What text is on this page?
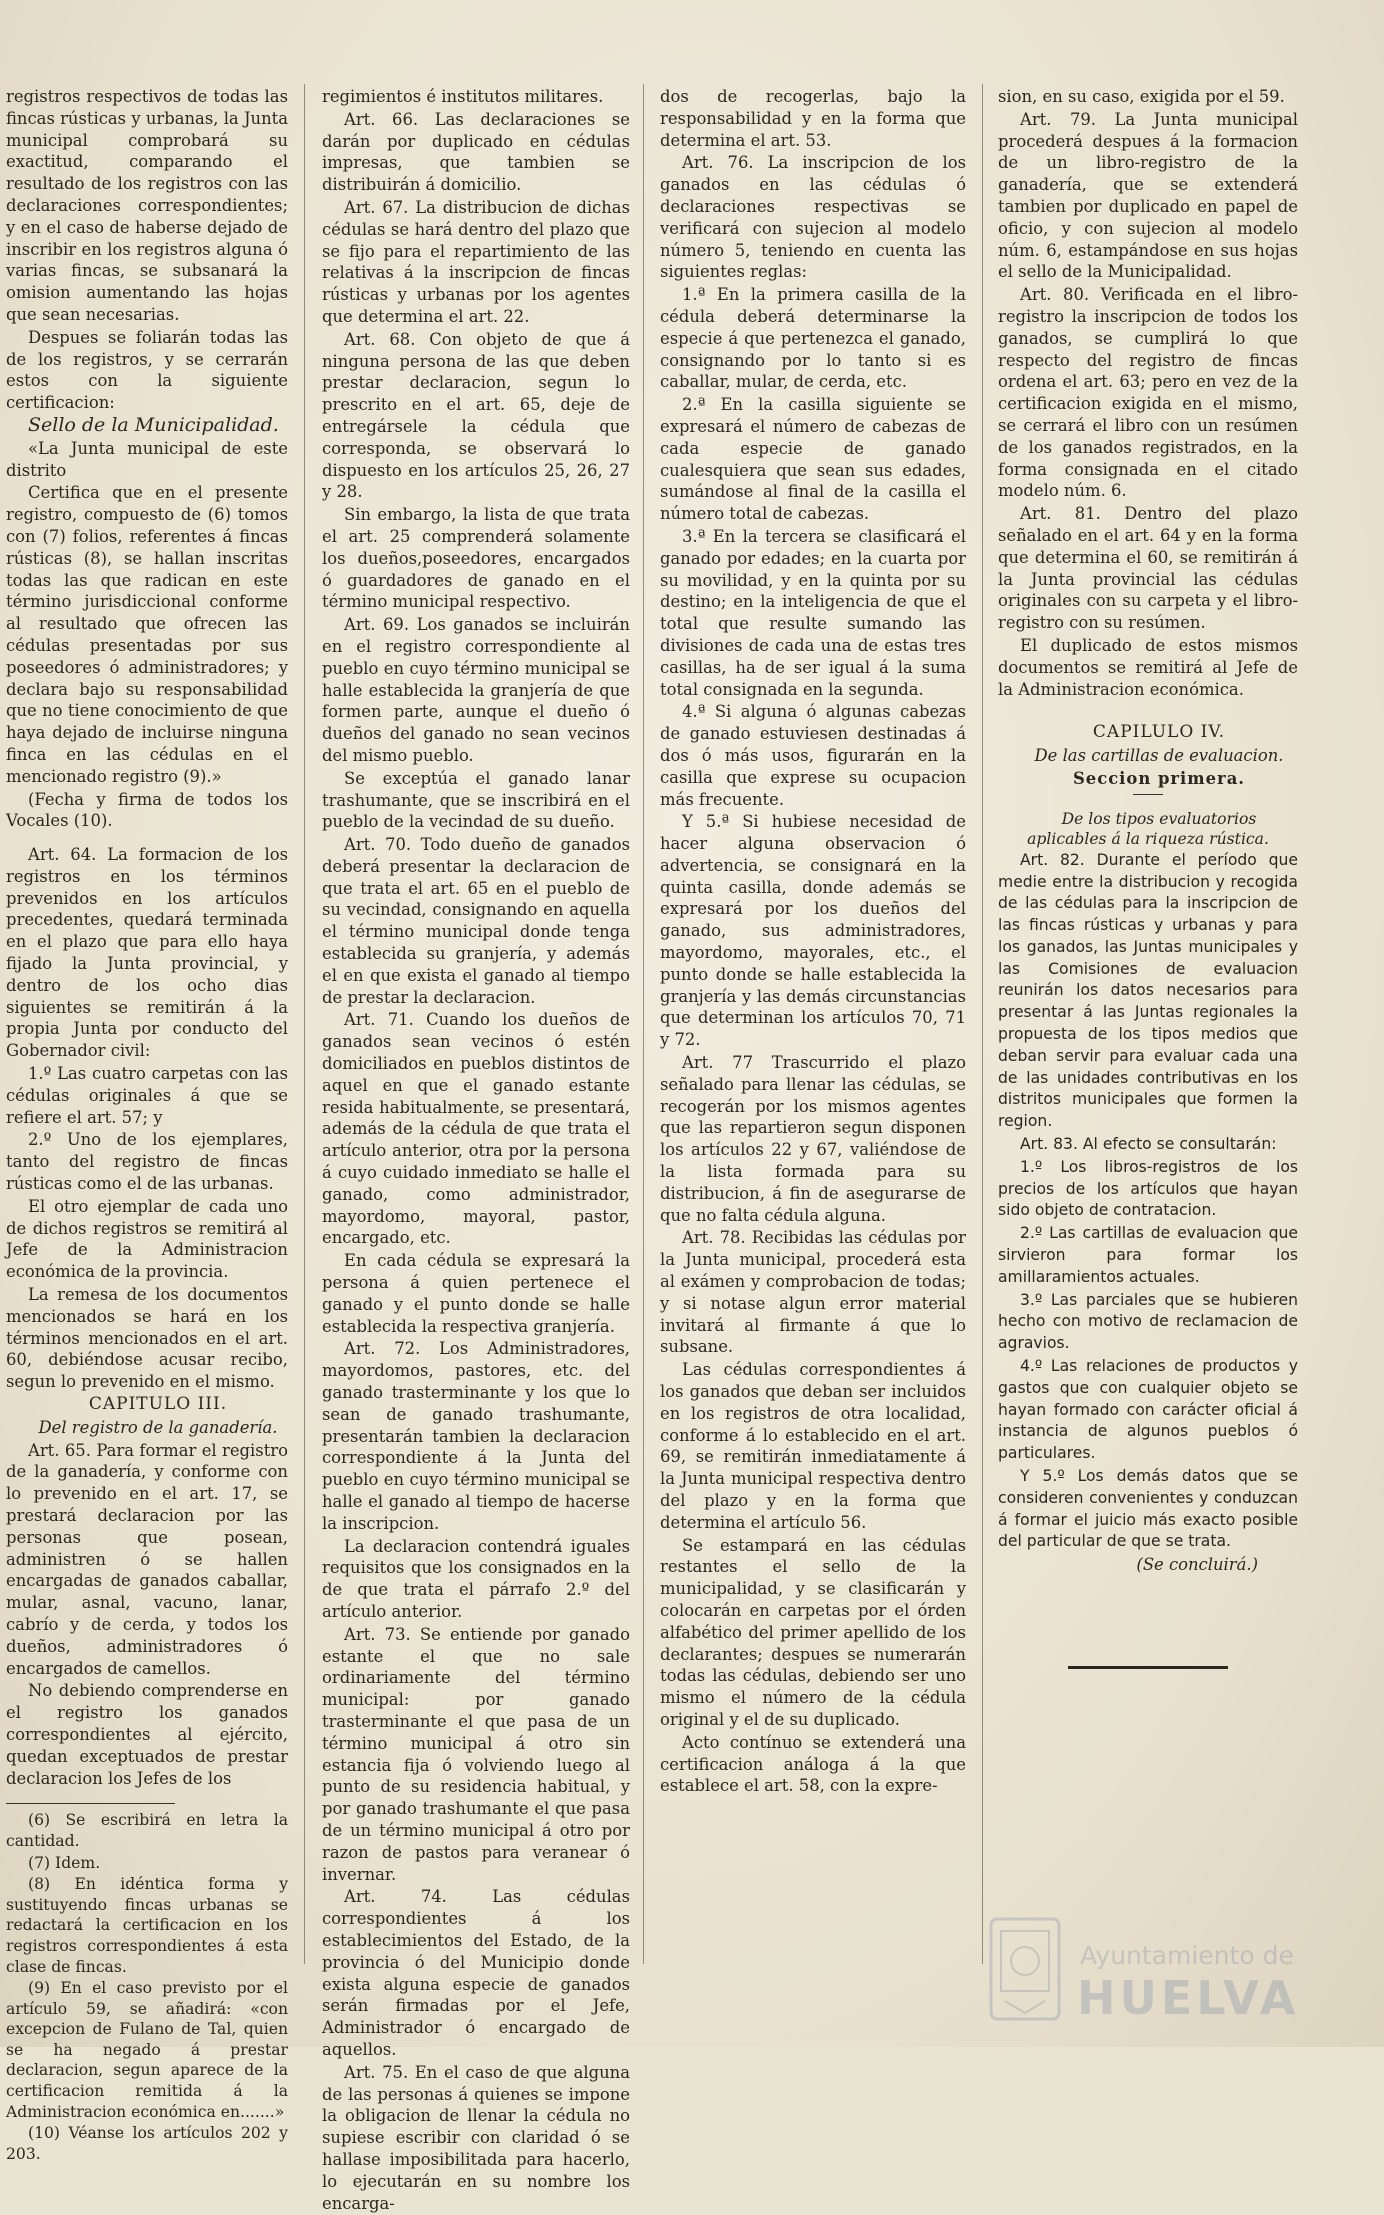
registros respectivos de todas las fincas rústicas y urbanas, la Junta municipal comprobará su exactitud, comparando el resultado de los registros con las declaraciones correspondientes; y en el caso de haberse dejado de inscribir en los registros alguna ó varias fincas, se subsanará la omision aumentando las hojas que sean necesarias.

Despues se foliarán todas las de los registros, y se cerrarán estos con la siguiente certificacion:

Sello de la Municipalidad.

«La Junta municipal de este distrito

Certifica que en el presente registro, compuesto de (6) tomos con (7) folios, referentes á fincas rústicas (8), se hallan inscritas todas las que radican en este término jurisdiccional conforme al resultado que ofrecen las cédulas presentadas por sus poseedores ó administradores; y declara bajo su responsabilidad que no tiene conocimiento de que haya dejado de incluirse ninguna finca en las cédulas en el mencionado registro (9).»

(Fecha y firma de todos los Vocales (10).

Art. 64. La formacion de los registros en los términos prevenidos en los artículos precedentes, quedará terminada en el plazo que para ello haya fijado la Junta provincial, y dentro de los ocho dias siguientes se remitirán á la propia Junta por conducto del Gobernador civil:

1.º Las cuatro carpetas con las cédulas originales á que se refiere el art. 57; y

2.º Uno de los ejemplares, tanto del registro de fincas rústicas como el de las urbanas.

El otro ejemplar de cada uno de dichos registros se remitirá al Jefe de la Administracion económica de la provincia.

La remesa de los documentos mencionados se hará en los términos mencionados en el art. 60, debiéndose acusar recibo, segun lo prevenido en el mismo.

CAPITULO III.

Del registro de la ganadería.

Art. 65. Para formar el registro de la ganadería, y conforme con lo prevenido en el art. 17, se prestará declaracion por las personas que posean, administren ó se hallen encargadas de ganados caballar, mular, asnal, vacuno, lanar, cabrío y de cerda, y todos los dueños, administradores ó encargados de camellos.

No debiendo comprenderse en el registro los ganados correspondientes al ejército, quedan exceptuados de prestar declaracion los Jefes de los

(6) Se escribirá en letra la cantidad.

(7) Idem.

(8) En idéntica forma y sustituyendo fincas urbanas se redactará la certificacion en los registros correspondientes á esta clase de fincas.

(9) En el caso previsto por el artículo 59, se añadirá: «con excepcion de Fulano de Tal, quien se ha negado á prestar declaracion, segun aparece de la certificacion remitida á la Administracion económica en.......»

(10) Véanse los artículos 202 y 203.

regimientos é institutos militares.

Art. 66. Las declaraciones se darán por duplicado en cédulas impresas, que tambien se distribuirán á domicilio.

Art. 67. La distribucion de dichas cédulas se hará dentro del plazo que se fijo para el repartimiento de las relativas á la inscripcion de fincas rústicas y urbanas por los agentes que determina el art. 22.

Art. 68. Con objeto de que á ninguna persona de las que deben prestar declaracion, segun lo prescrito en el art. 65, deje de entregársele la cédula que corresponda, se observará lo dispuesto en los artículos 25, 26, 27 y 28.

Sin embargo, la lista de que trata el art. 25 comprenderá solamente los dueños,poseedores, encargados ó guardadores de ganado en el término municipal respectivo.

Art. 69. Los ganados se incluirán en el registro correspondiente al pueblo en cuyo término municipal se halle establecida la granjería de que formen parte, aunque el dueño ó dueños del ganado no sean vecinos del mismo pueblo.

Se exceptúa el ganado lanar trashumante, que se inscribirá en el pueblo de la vecindad de su dueño.

Art. 70. Todo dueño de ganados deberá presentar la declaracion de que trata el art. 65 en el pueblo de su vecindad, consignando en aquella el término municipal donde tenga establecida su granjería, y además el en que exista el ganado al tiempo de prestar la declaracion.

Art. 71. Cuando los dueños de ganados sean vecinos ó estén domiciliados en pueblos distintos de aquel en que el ganado estante resida habitualmente, se presentará, además de la cédula de que trata el artículo anterior, otra por la persona á cuyo cuidado inmediato se halle el ganado, como administrador, mayordomo, mayoral, pastor, encargado, etc.

En cada cédula se expresará la persona á quien pertenece el ganado y el punto donde se halle establecida la respectiva granjería.

Art. 72. Los Administradores, mayordomos, pastores, etc. del ganado trasterminante y los que lo sean de ganado trashumante, presentarán tambien la declaracion correspondiente á la Junta del pueblo en cuyo término municipal se halle el ganado al tiempo de hacerse la inscripcion.

La declaracion contendrá iguales requisitos que los consignados en la de que trata el párrafo 2.º del artículo anterior.

Art. 73. Se entiende por ganado estante el que no sale ordinariamente del término municipal: por ganado trasterminante el que pasa de un término municipal á otro sin estancia fija ó volviendo luego al punto de su residencia habitual, y por ganado trashumante el que pasa de un término municipal á otro por razon de pastos para veranear ó invernar.

Art. 74. Las cédulas correspondientes á los establecimientos del Estado, de la provincia ó del Municipio donde exista alguna especie de ganados serán firmadas por el Jefe, Administrador ó encargado de aquellos.

Art. 75. En el caso de que alguna de las personas á quienes se impone la obligacion de llenar la cédula no supiese escribir con claridad ó se hallase imposibilitada para hacerlo, lo ejecutarán en su nombre los encarga-

dos de recogerlas, bajo la responsabilidad y en la forma que determina el art. 53.

Art. 76. La inscripcion de los ganados en las cédulas ó declaraciones respectivas se verificará con sujecion al modelo número 5, teniendo en cuenta las siguientes reglas:

1.ª En la primera casilla de la cédula deberá determinarse la especie á que pertenezca el ganado, consignando por lo tanto si es caballar, mular, de cerda, etc.

2.ª En la casilla siguiente se expresará el número de cabezas de cada especie de ganado cualesquiera que sean sus edades, sumándose al final de la casilla el número total de cabezas.

3.ª En la tercera se clasificará el ganado por edades; en la cuarta por su movilidad, y en la quinta por su destino; en la inteligencia de que el total que resulte sumando las divisiones de cada una de estas tres casillas, ha de ser igual á la suma total consignada en la segunda.

4.ª Si alguna ó algunas cabezas de ganado estuviesen destinadas á dos ó más usos, figurarán en la casilla que exprese su ocupacion más frecuente.

Y 5.ª Si hubiese necesidad de hacer alguna observacion ó advertencia, se consignará en la quinta casilla, donde además se expresará por los dueños del ganado, sus administradores, mayordomo, mayorales, etc., el punto donde se halle establecida la granjería y las demás circunstancias que determinan los artículos 70, 71 y 72.

Art. 77 Trascurrido el plazo señalado para llenar las cédulas, se recogerán por los mismos agentes que las repartieron segun disponen los artículos 22 y 67, valiéndose de la lista formada para su distribucion, á fin de asegurarse de que no falta cédula alguna.

Art. 78. Recibidas las cédulas por la Junta municipal, procederá esta al exámen y comprobacion de todas; y si notase algun error material invitará al firmante á que lo subsane.

Las cédulas correspondientes á los ganados que deban ser incluidos en los registros de otra localidad, conforme á lo establecido en el art. 69, se remitirán inmediatamente á la Junta municipal respectiva dentro del plazo y en la forma que determina el artículo 56.

Se estampará en las cédulas restantes el sello de la municipalidad, y se clasificarán y colocarán en carpetas por el órden alfabético del primer apellido de los declarantes; despues se numerarán todas las cédulas, debiendo ser uno mismo el número de la cédula original y el de su duplicado.

Acto contínuo se extenderá una certificacion análoga á la que establece el art. 58, con la expre-

sion, en su caso, exigida por el 59.

Art. 79. La Junta municipal procederá despues á la formacion de un libro-registro de la ganadería, que se extenderá tambien por duplicado en papel de oficio, y con sujecion al modelo núm. 6, estampándose en sus hojas el sello de la Municipalidad.

Art. 80. Verificada en el libro-registro la inscripcion de todos los ganados, se cumplirá lo que respecto del registro de fincas ordena el art. 63; pero en vez de la certificacion exigida en el mismo, se cerrará el libro con un resúmen de los ganados registrados, en la forma consignada en el citado modelo núm. 6.

Art. 81. Dentro del plazo señalado en el art. 64 y en la forma que determina el 60, se remitirán á la Junta provincial las cédulas originales con su carpeta y el libro-registro con su resúmen.

El duplicado de estos mismos documentos se remitirá al Jefe de la Administracion económica.

CAPILULO IV.

De las cartillas de evaluacion.

Seccion primera.

De los tipos evaluatorios aplicables á la riqueza rústica.

Art. 82. Durante el período que medie entre la distribucion y recogida de las cédulas para la inscripcion de las fincas rústicas y urbanas y para los ganados, las Juntas municipales y las Comisiones de evaluacion reunirán los datos necesarios para presentar á las Juntas regionales la propuesta de los tipos medios que deban servir para evaluar cada una de las unidades contributivas en los distritos municipales que formen la region.

Art. 83. Al efecto se consultarán:

1.º Los libros-registros de los precios de los artículos que hayan sido objeto de contratacion.

2.º Las cartillas de evaluacion que sirvieron para formar los amillaramientos actuales.

3.º Las parciales que se hubieren hecho con motivo de reclamacion de agravios.

4.º Las relaciones de productos y gastos que con cualquier objeto se hayan formado con carácter oficial á instancia de algunos pueblos ó particulares.

Y 5.º Los demás datos que se consideren convenientes y conduzcan á formar el juicio más exacto posible del particular de que se trata.

(Se concluirá.)

Ayuntamiento de
HUELVA
